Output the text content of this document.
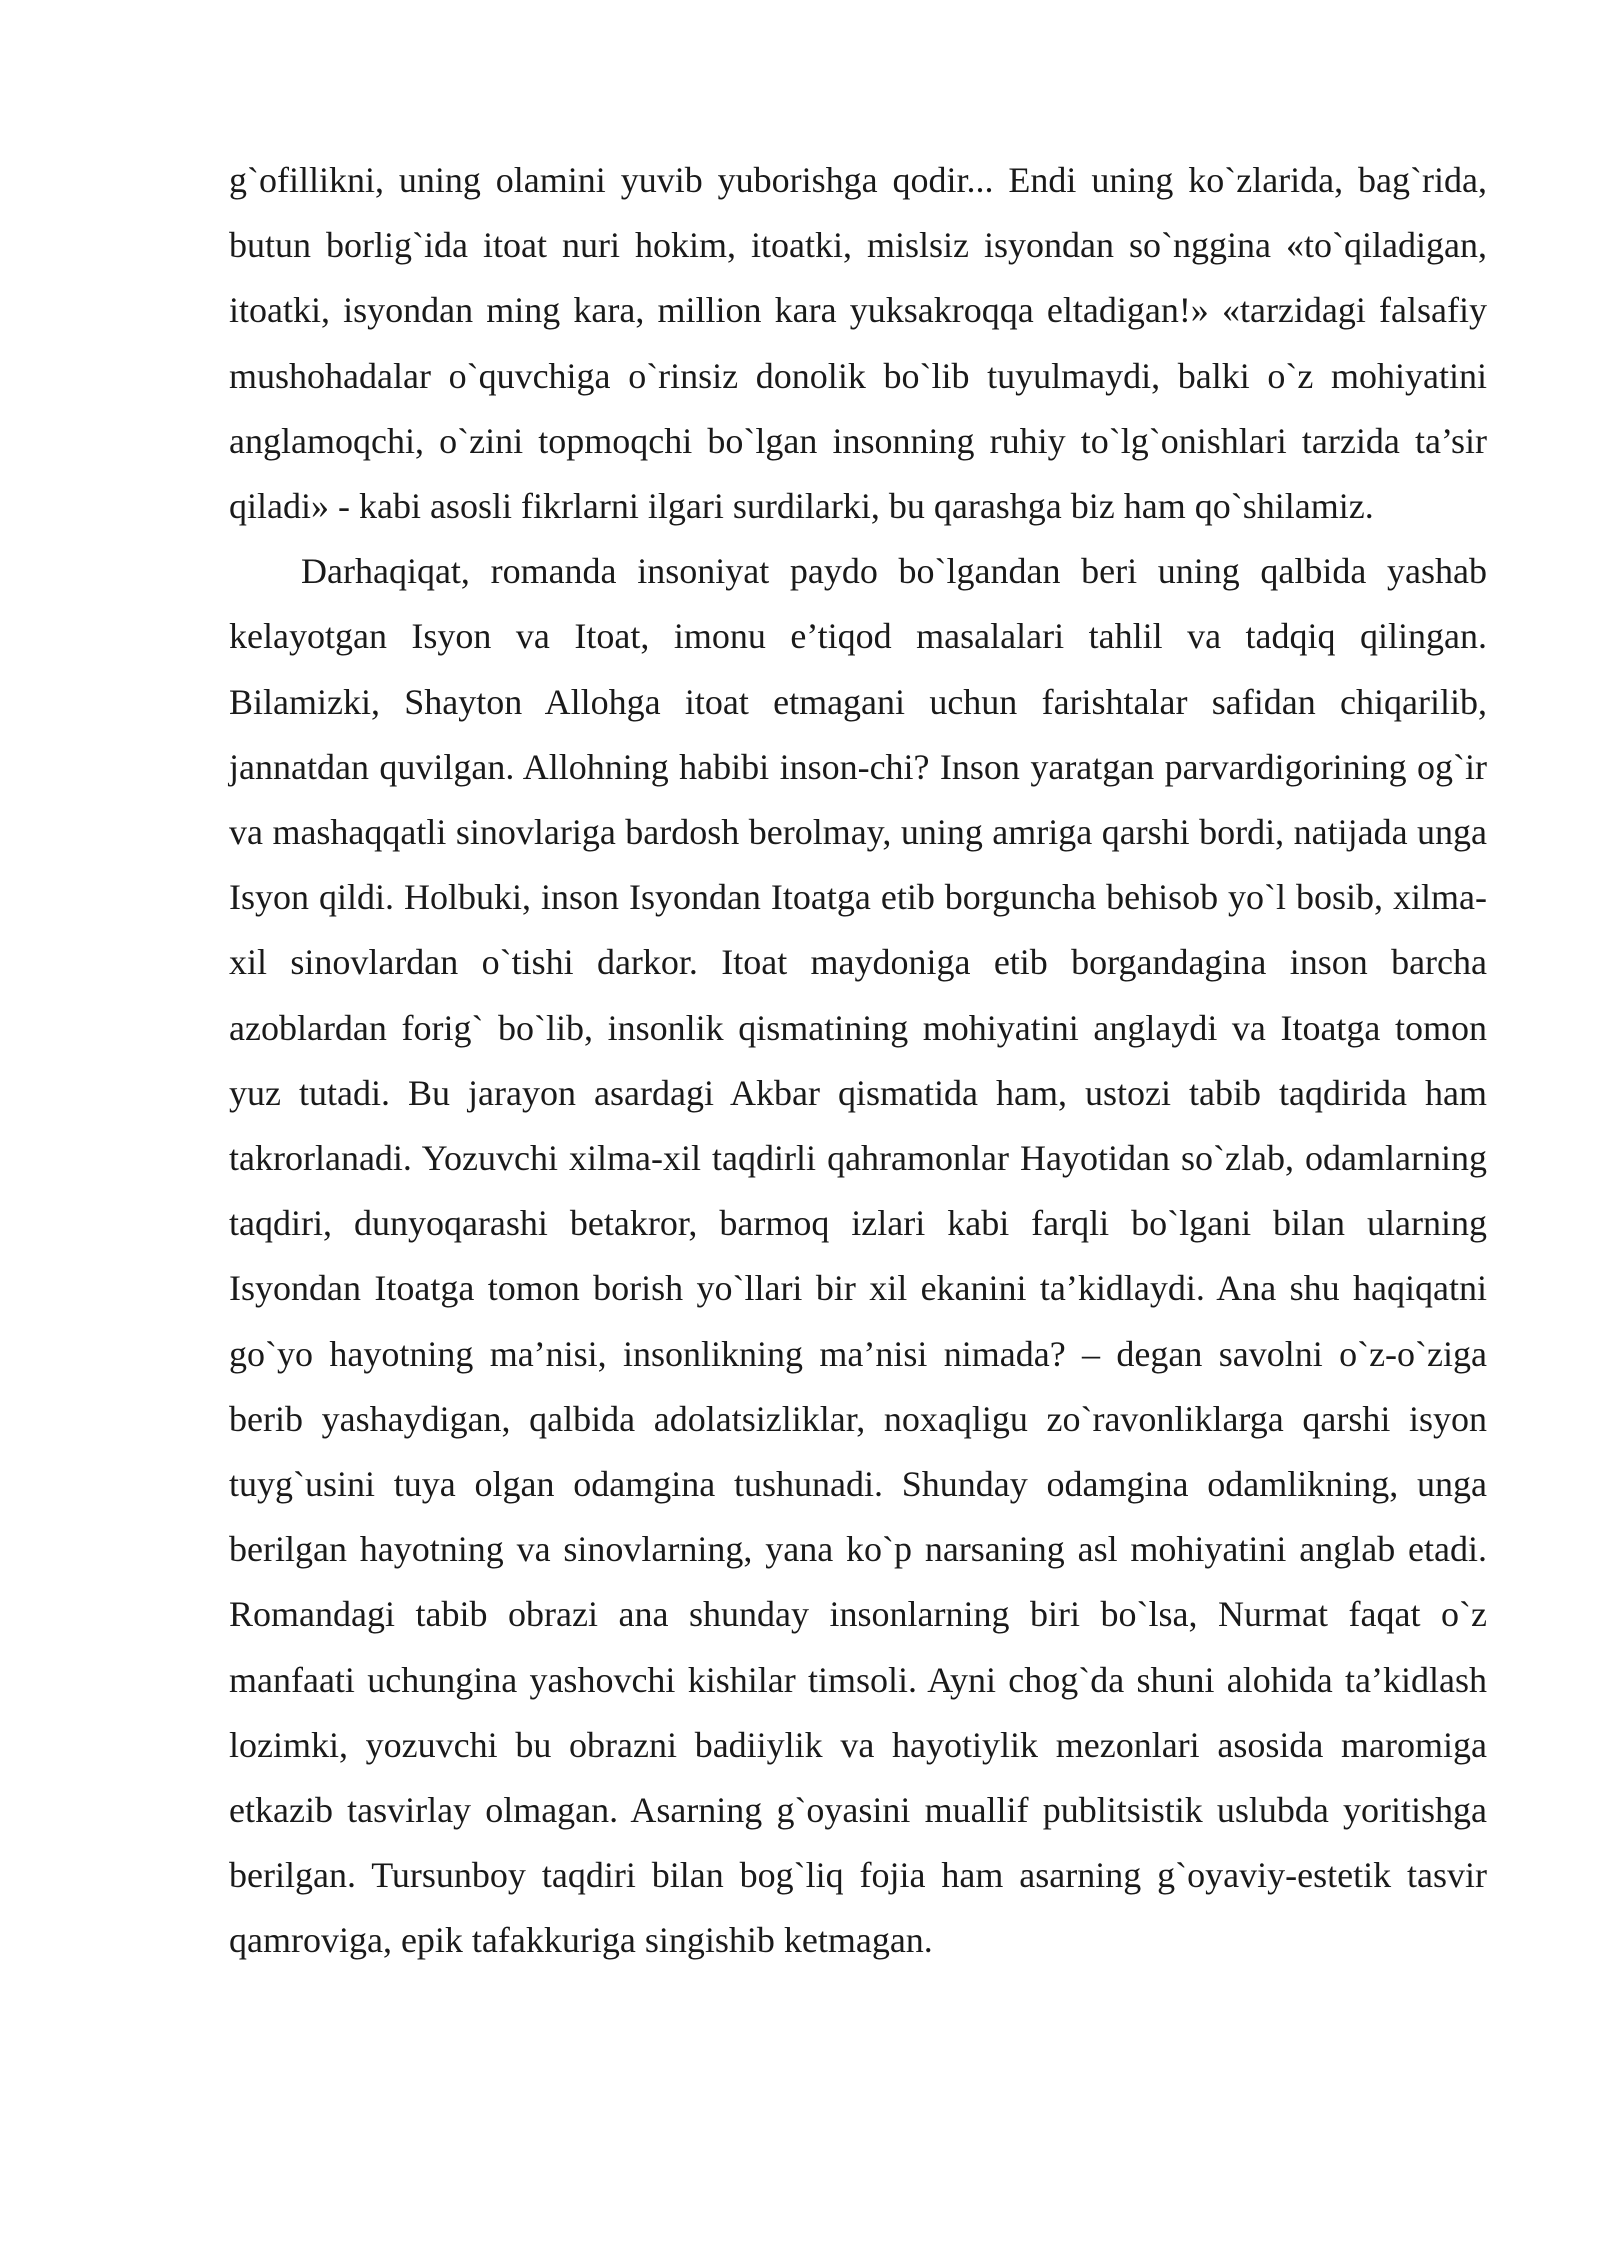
g`ofillikni, uning olamini yuvib yuborishga qodir... Endi uning ko`zlarida, bag`rida, butun borlig`ida itoat nuri hokim, itoatki, mislsiz isyondan so`nggina «to`qiladigan, itoatki, isyondan ming kara, million kara yuksakroqqa eltadigan!» «tarzidagi falsafiy mushohadalar o`quvchiga o`rinsiz donolik bo`lib tuyulmaydi, balki o`z mohiyatini anglamoqchi, o`zini topmoqchi bo`lgan insonning ruhiy to`lg`onishlari tarzida ta’sir qiladi» - kabi asosli fikrlarni ilgari surdilarki, bu qarashga biz ham qo`shilamiz.

Darhaqiqat, romanda insoniyat paydo bo`lgandan beri uning qalbida yashab kelayotgan Isyon va Itoat, imonu e’tiqod masalalari tahlil va tadqiq qilingan. Bilamizki, Shayton Allohga itoat etmagani uchun farishtalar safidan chiqarilib, jannatdan quvilgan. Allohning habibi inson-chi? Inson yaratgan parvardigorining og`ir va mashaqqatli sinovlariga bardosh berolmay, uning amriga qarshi bordi, natijada unga Isyon qildi. Holbuki, inson Isyondan Itoatga etib borguncha behisob yo`l bosib, xilma-xil sinovlardan o`tishi darkor. Itoat maydoniga etib borgandagina inson barcha azoblardan forig` bo`lib, insonlik qismatining mohiyatini anglaydi va Itoatga tomon yuz tutadi. Bu jarayon asardagi Akbar qismatida ham, ustozi tabib taqdirida ham takrorlanadi. Yozuvchi xilma-xil taqdirli qahramonlar Hayotidan so`zlab, odamlarning taqdiri, dunyoqarashi betakror, barmoq izlari kabi farqli bo`lgani bilan ularning Isyondan Itoatga tomon borish yo`llari bir xil ekanini ta’kidlaydi. Ana shu haqiqatni go`yo hayotning ma’nisi, insonlikning ma’nisi nimada? – degan savolni o`z-o`ziga berib yashaydigan, qalbida adolatsizliklar, noxaqligu zo`ravonliklarga qarshi isyon tuyg`usini tuya olgan odamgina tushunadi. Shunday odamgina odamlikning, unga berilgan hayotning va sinovlarning, yana ko`p narsaning asl mohiyatini anglab etadi. Romandagi tabib obrazi ana shunday insonlarning biri bo`lsa, Nurmat faqat o`z manfaati uchungina yashovchi kishilar timsoli. Ayni chog`da shuni alohida ta’kidlash lozimki, yozuvchi bu obrazni badiiylik va hayotiylik mezonlari asosida maromiga etkazib tasvirlay olmagan. Asarning g`oyasini muallif publitsistik uslubda yoritishga berilgan. Tursunboy taqdiri bilan bog`liq fojia ham asarning g`oyaviy-estetik tasvir qamroviga, epik tafakkuriga singishib ketmagan.
